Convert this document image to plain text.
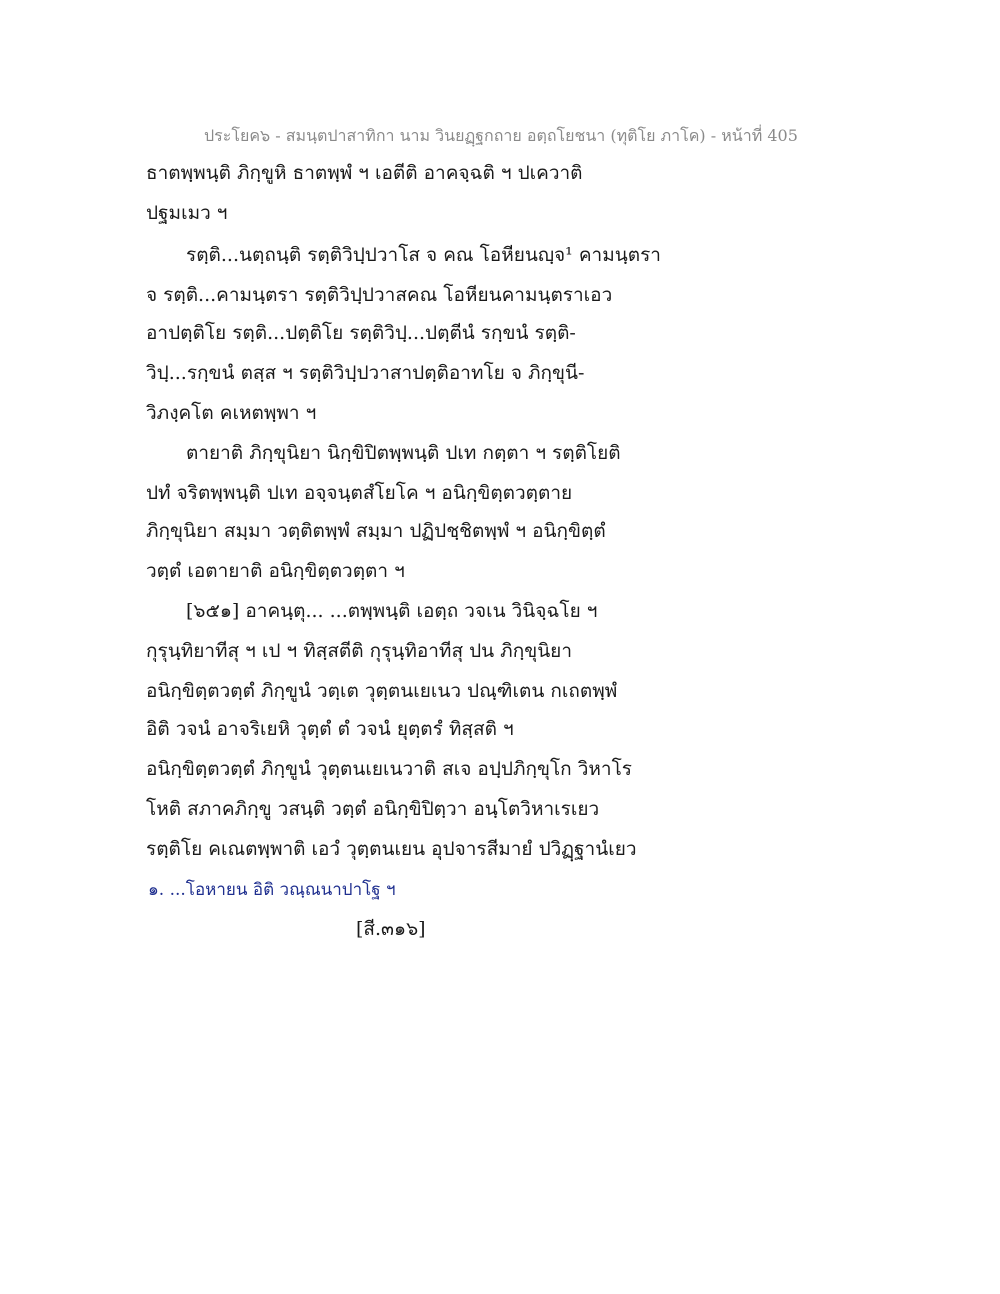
ประโยค๖ - สมนฺตปาสาทิกา นาม วินยฏฺฐกถาย อตฺถโยชนา (ทุติโย ภาโค) - หน้าที่ 405
ธาตพฺพนฺติ ภิกฺขูหิ ธาตพฺพํ ฯ เอตีติ อาคจฺฉติ ฯ ปเควาติ
ปฐมเมว ฯ
รตฺติ...นตฺถนฺติ รตฺติวิปฺปวาโส จ คณ โอหียนญฺจ¹ คามนฺตรา
จ รตฺติ...คามนฺตรา รตฺติวิปฺปวาสคณ โอหียนคามนฺตราเอว
อาปตฺติโย รตฺติ...ปตฺติโย รตฺติวิปฺ...ปตฺตีนํ รกฺขนํ รตฺติ-
วิปฺ...รกฺขนํ ตสฺส ฯ รตฺติวิปฺปวาสาปตฺติอาทโย จ ภิกฺขุนี-
วิภงฺคโต คเหตพฺพา ฯ
ตายาติ ภิกฺขุนิยา นิกฺขิปิตพฺพนฺติ ปเท กตฺตา ฯ รตฺติโยติ
ปทํ จริตพฺพนฺติ ปเท อจฺจนฺตสํโยโค ฯ อนิกฺขิตฺตวตฺตาย
ภิกฺขุนิยา สมฺมา วตฺติตพฺพํ สมฺมา ปฏิปชฺชิตพฺพํ ฯ อนิกฺขิตฺตํ
วตฺตํ เอตายาติ อนิกฺขิตฺตวตฺตา ฯ
[๖๕๑] อาคนฺตุ... ...ตพฺพนฺติ เอตฺถ วจเน วินิจฺฉโย ฯ
กุรุนฺทิยาทีสุ ฯ เป ฯ ทิสฺสตีติ กุรุนฺทิอาทีสุ ปน ภิกฺขุนิยา
อนิกฺขิตฺตวตฺตํ ภิกฺขูนํ วตฺเต วุตฺตนเยเนว ปณฺฑิเตน กเถตพฺพํ
อิติ วจนํ อาจริเยหิ วุตฺตํ ตํ วจนํ ยุตฺตรํ ทิสฺสติ ฯ
อนิกฺขิตฺตวตฺตํ ภิกฺขูนํ วุตฺตนเยเนวาติ สเจ อปฺปภิกฺขุโก วิหาโร
โหติ สภาคภิกฺขู วสนฺติ วตฺตํ อนิกฺขิปิตฺวา อนฺโตวิหาเรเยว
รตฺติโย คเณตพฺพาติ เอวํ วุตฺตนเยน อุปจารสีมายํ ปวิฏฺฐานํเยว
๑. ...โอหายน อิติ วณฺณนาปาโฐ ฯ
[สี.๓๑๖]
